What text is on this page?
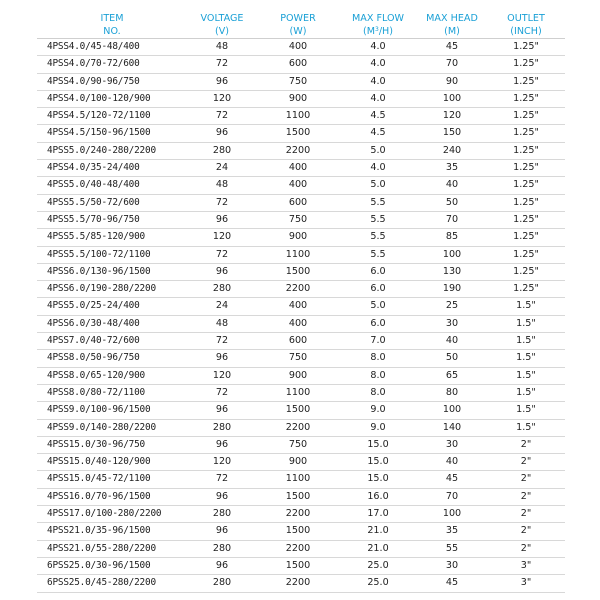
ITEM	VOLTAGE	POWER	MAX FLOW	MAX HEAD	OUTLET
NO.	(V)	(W)	$(M^3/H)$	(M)	(INCH)
4PSS4.0/45-48/400	48	400	4.0	45	1.25"
4PSS4.0/70-72/600	72	600	4.0	70	1.25"
4PSS4.0/90-96/750	96	750	4.0	90	1.25"
4PSS4.0/100-120/900	120	900	4.0	100	1.25"
4PSS4.5/120-72/1100	72	1100	4.5	120	1.25"
4PSS4.5/150-96/1500	96	1500	4.5	150	1.25"
4PSS5.0/240-280/2200	280	2200	5.0	240	1.25"
4PSS4.0/35-24/400	24	400	4.0	35	1.25"
4PSS5.0/40-48/400	48	400	5.0	40	1.25"
4PSS5.5/50-72/600	72	600	5.5	50	1.25"
4PSS5.5/70-96/750	96	750	5.5	70	1.25"
4PSS5.5/85-120/900	120	900	5.5	85	1.25"
4PSS5.5/100-72/1100	72	1100	5.5	100	1.25"
4PSS6.0/130-96/1500	96	1500	6.0	130	1.25"
4PSS6.0/190-280/2200	280	2200	6.0	190	1.25"
4PSS5.0/25-24/400	24	400	5.0	25	1.5"
4PSS6.0/30-48/400	48	400	6.0	30	1.5"
4PSS7.0/40-72/600	72	600	7.0	40	1.5"
4PSS8.0/50-96/750	96	750	8.0	50	1.5"
4PSS8.0/65-120/900	120	900	8.0	65	1.5"
4PSS8.0/80-72/1100	72	1100	8.0	80	1.5"
4PSS9.0/100-96/1500	96	1500	9.0	100	1.5"
4PSS9.0/140-280/2200	280	2200	9.0	140	1.5"
4PSS15.0/30-96/750	96	750	15.0	30	2"
4PSS15.0/40-120/900	120	900	15.0	40	2"
4PSS15.0/45-72/1100	72	1100	15.0	45	2"
4PSS16.0/70-96/1500	96	1500	16.0	70	2"
4PSS17.0/100-280/2200	280	2200	17.0	100	2"
4PSS21.0/35-96/1500	96	1500	21.0	35	2"
4PSS21.0/55-280/2200	280	2200	21.0	55	2"
6PSS25.0/30-96/1500	96	1500	25.0	30	3"
6PSS25.0/45-280/2200	280	2200	25.0	45	3"
